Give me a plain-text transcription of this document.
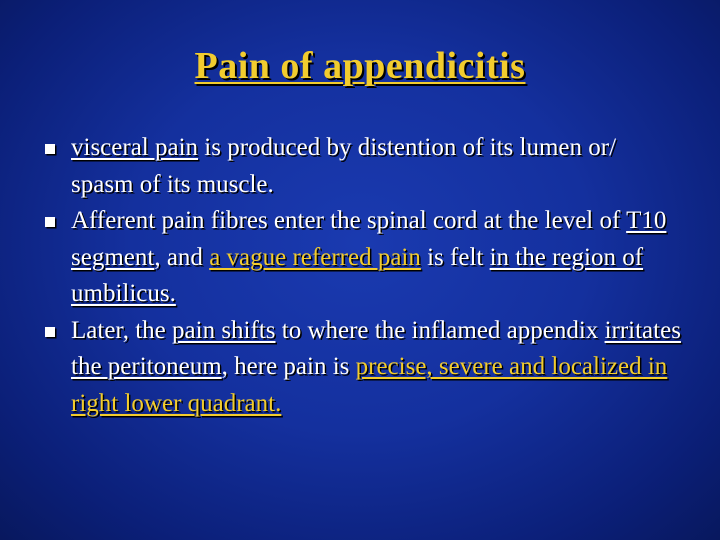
Pain of appendicitis
visceral pain is produced by distention of its lumen or/ spasm of its muscle.
Afferent pain fibres enter the spinal cord at the level of T10 segment, and a vague referred pain is felt in the region of umbilicus.
Later, the pain shifts to where the inflamed appendix irritates the peritoneum, here pain is precise, severe and localized in right lower quadrant.
